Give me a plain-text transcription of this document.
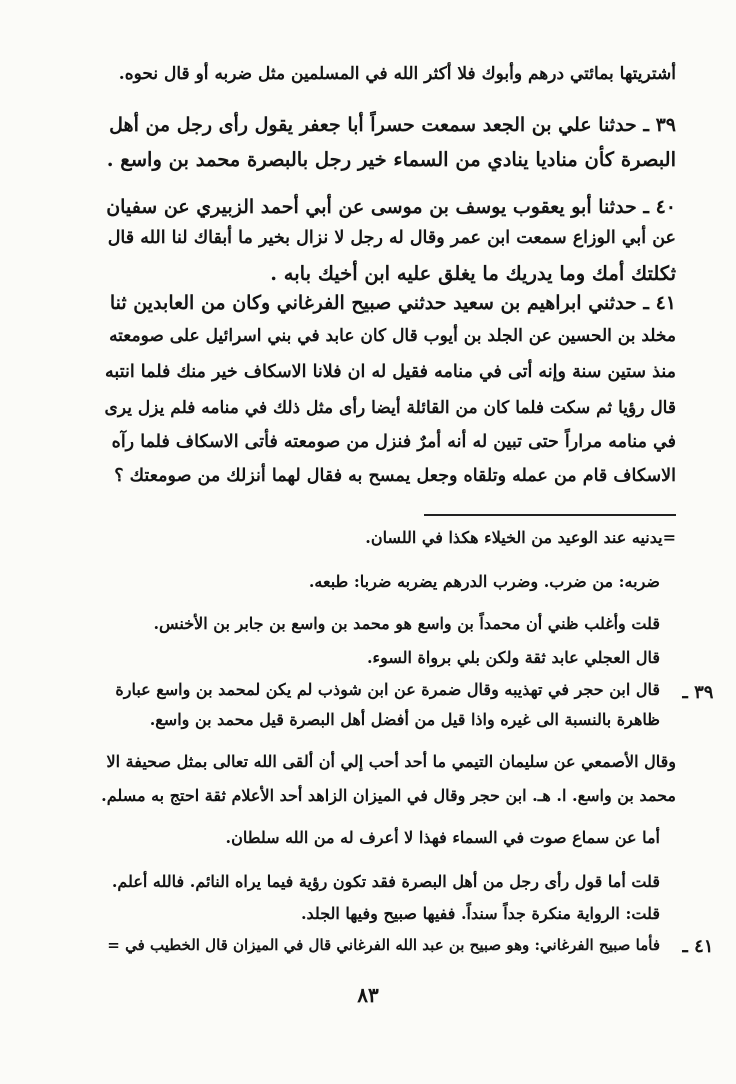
أشتريتها بمائتي درهم وأبوك فلا أكثر الله في المسلمين مثل ضربه أو قال نحوه.
٣٩ ـ حدثنا علي بن الجعد سمعت حسراً أبا جعفر يقول رأى رجل من أهل
البصرة كأن مناديا ينادي من السماء خير رجل بالبصرة محمد بن واسع .
٤٠ ـ حدثنا أبو يعقوب يوسف بن موسى عن أبي أحمد الزبيري عن سفيان
عن أبي الوزاع سمعت ابن عمر وقال له رجل لا نزال بخير ما أبقاك لنا الله قال
ثكلتك أمك وما يدريك ما يغلق عليه ابن أخيك بابه .
٤١ ـ حدثني ابراهيم بن سعيد حدثني صبيح الفرغاني وكان من العابدين ثنا
مخلد بن الحسين عن الجلد بن أيوب قال كان عابد في بني اسرائيل على صومعته
منذ ستين سنة وإنه أتى في منامه فقيل له ان فلانا الاسكاف خير منك فلما انتبه
قال رؤيا ثم سكت فلما كان من القائلة أيضا رأى مثل ذلك في منامه فلم يزل يرى
في منامه مراراً حتى تبين له أنه أمرٌ فنزل من صومعته فأتى الاسكاف فلما رآه
الاسكاف قام من عمله وتلقاه وجعل يمسح به فقال لهما أنزلك من صومعتك ؟
=يدنيه عند الوعيد من الخيلاء هكذا في اللسان.
ضربه: من ضرب. وضرب الدرهم يضربه ضربا: طبعه.
قلت وأغلب ظني أن محمداً بن واسع هو محمد بن واسع بن جابر بن الأخنس.
قال العجلي عابد ثقة ولكن بلي برواة السوء.
٣٩ ـ
قال ابن حجر في تهذيبه وقال ضمرة عن ابن شوذب لم يكن لمحمد بن واسع عبارة
ظاهرة بالنسبة الى غيره واذا قيل من أفضل أهل البصرة قيل محمد بن واسع.
وقال الأصمعي عن سليمان التيمي ما أحد أحب إلي أن ألقى الله تعالى بمثل صحيفة الا
محمد بن واسع. ا. هـ. ابن حجر وقال في الميزان الزاهد أحد الأعلام ثقة احتج به مسلم.
أما عن سماع صوت في السماء فهذا لا أعرف له من الله سلطان.
قلت أما قول رأى رجل من أهل البصرة فقد تكون رؤية فيما يراه النائم. فالله أعلم.
قلت: الرواية منكرة جداً سنداً. ففيها صبيح وفيها الجلد.
٤١ ـ
فأما صبيح الفرغاني: وهو صبيح بن عبد الله الفرغاني قال في الميزان قال الخطيب في =
٨٣
